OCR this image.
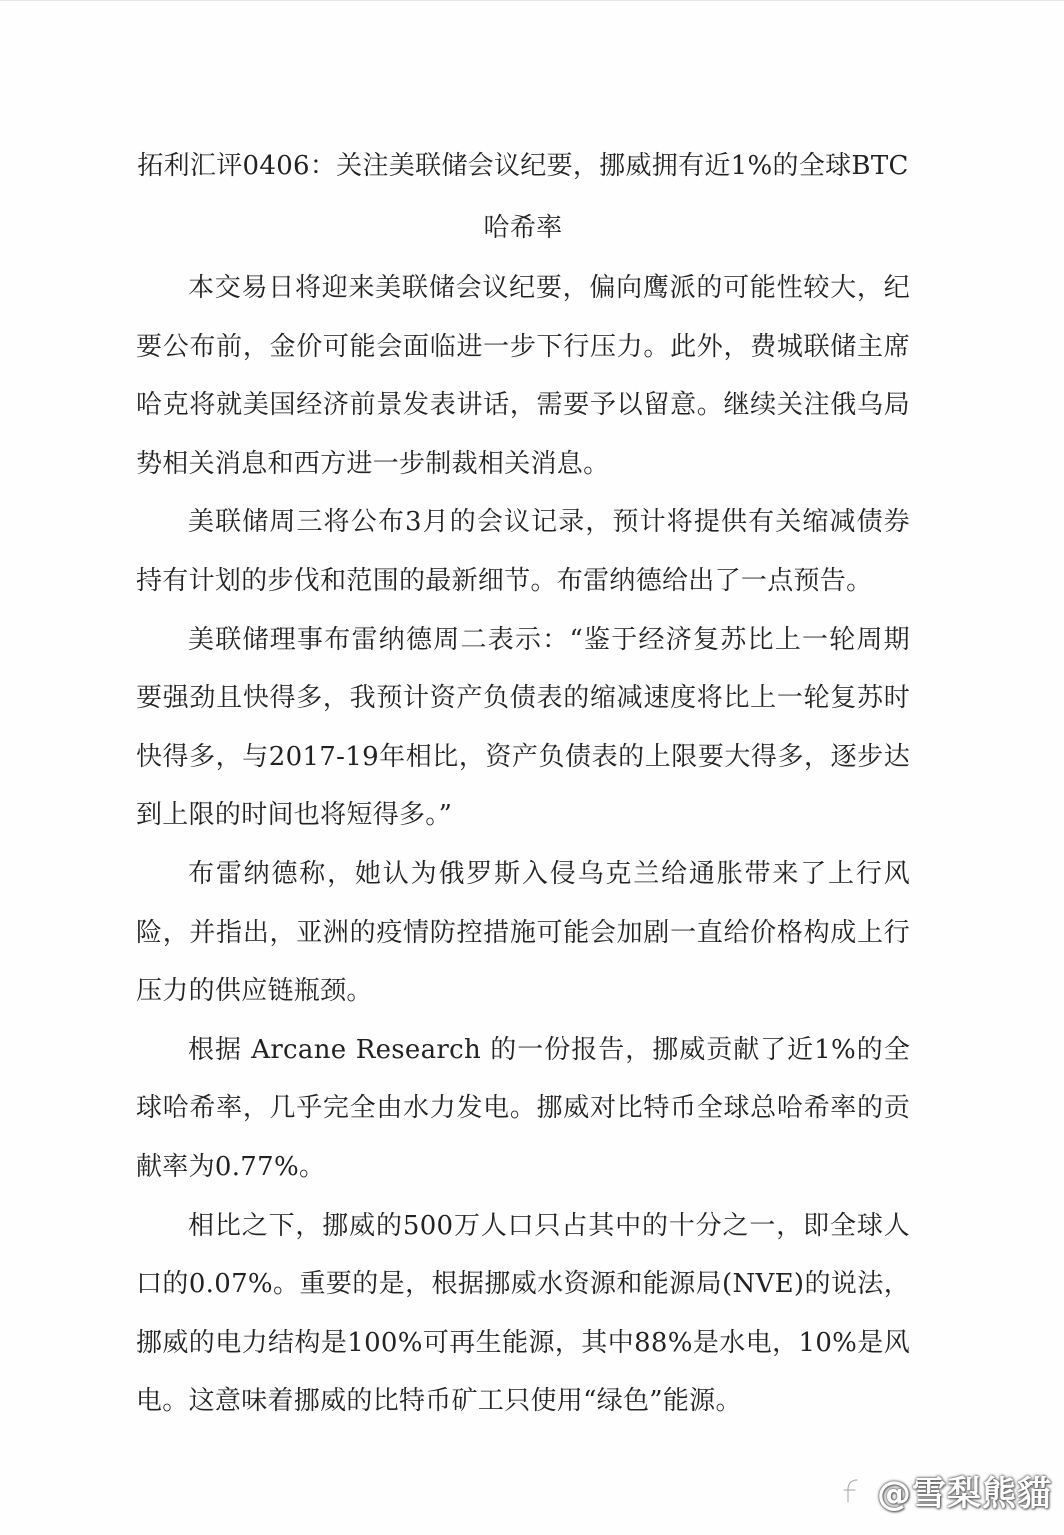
拓利汇评0406：关注美联储会议纪要，挪威拥有近1%的全球BTC哈希率

本交易日将迎来美联储会议纪要，偏向鹰派的可能性较大，纪要公布前，金价可能会面临进一步下行压力。此外，费城联储主席哈克将就美国经济前景发表讲话，需要予以留意。继续关注俄乌局势相关消息和西方进一步制裁相关消息。

美联储周三将公布3月的会议记录，预计将提供有关缩减债券持有计划的步伐和范围的最新细节。布雷纳德给出了一点预告。

美联储理事布雷纳德周二表示：“鉴于经济复苏比上一轮周期要强劲且快得多，我预计资产负债表的缩减速度将比上一轮复苏时快得多，与2017-19年相比，资产负债表的上限要大得多，逐步达到上限的时间也将短得多。”

布雷纳德称，她认为俄罗斯入侵乌克兰给通胀带来了上行风险，并指出，亚洲的疫情防控措施可能会加剧一直给价格构成上行压力的供应链瓶颈。

根据 Arcane Research 的一份报告，挪威贡献了近1%的全球哈希率，几乎完全由水力发电。挪威对比特币全球总哈希率的贡献率为0.77%。

相比之下，挪威的500万人口只占其中的十分之一，即全球人口的0.07%。重要的是，根据挪威水资源和能源局(NVE)的说法，挪威的电力结构是100%可再生能源，其中88%是水电，10%是风电。这意味着挪威的比特币矿工只使用“绿色”能源。

@雪梨熊貓
